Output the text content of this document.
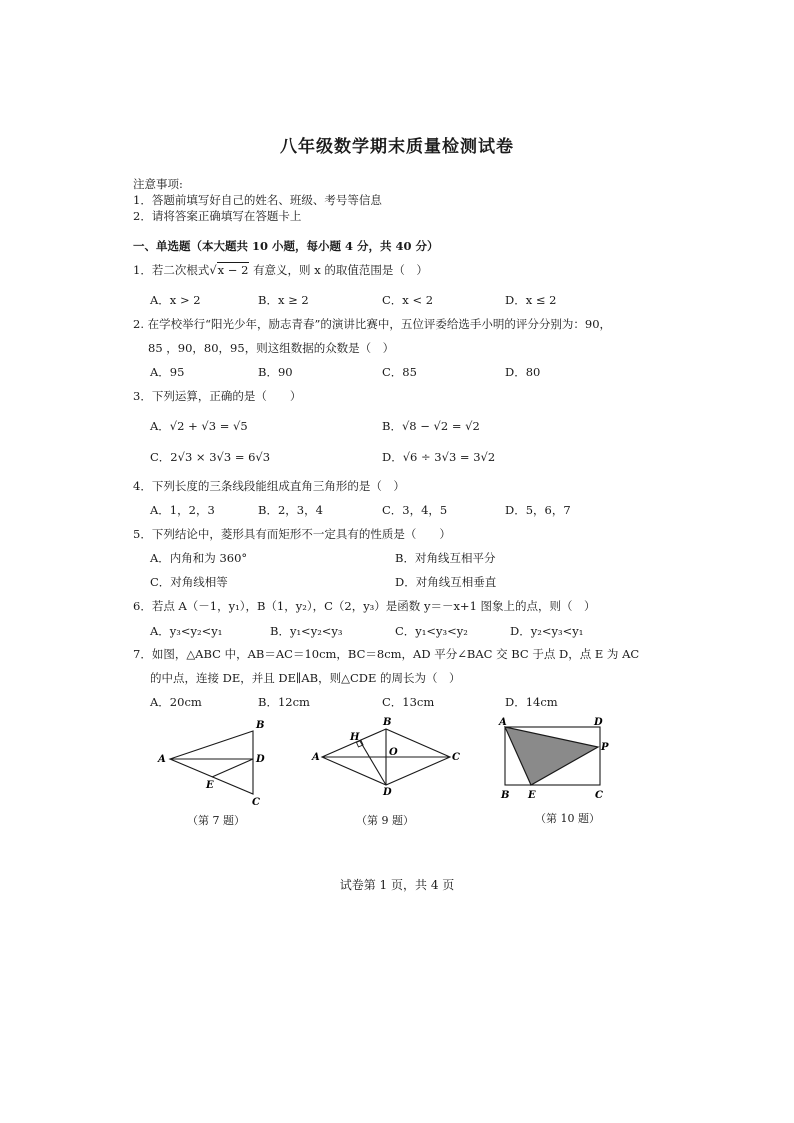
八年级数学期末质量检测试卷
注意事项:
1．答题前填写好自己的姓名、班级、考号等信息
2．请将答案正确填写在答题卡上
一、单选题（本大题共 10 小题，每小题 4 分，共 40 分）
1．若二次根式√x − 2 有意义，则 x 的取值范围是（　）
A．x > 2	B．x ≥ 2	C．x < 2	D．x ≤ 2
2. 在学校举行“阳光少年，励志青春”的演讲比赛中，五位评委给选手小明的评分分别为：90，
85 ，90，80，95，则这组数据的众数是（　）
A．95	B．90	C．85	D．80
3．下列运算，正确的是（　　）
A．√2 + √3 = √5	B．√8 − √2 = √2
C．2√3 × 3√3 = 6√3	D．√6 ÷ 3√3 = 3√2
4．下列长度的三条线段能组成直角三角形的是（　）
A．1，2，3	B．2，3，4	C．3，4，5	D．5，6，7
5．下列结论中，菱形具有而矩形不一定具有的性质是（　　）
A．内角和为 360°	B．对角线互相平分
C．对角线相等	D．对角线互相垂直
6．若点 A（－1，y₁），B（1，y₂），C（2，y₃）是函数 y＝－x+1 图象上的点，则（　）
A．y₃<y₂<y₁	B．y₁<y₂<y₃	C．y₁<y₃<y₂	D．y₂<y₃<y₁
7．如图，△ABC 中，AB＝AC＝10cm，BC＝8cm，AD 平分∠BAC 交 BC 于点 D，点 E 为 AC
的中点，连接 DE，并且 DE∥AB，则△CDE 的周长为（　）
A．20cm	B．12cm	C．13cm	D．14cm
A
B
D
E
C
（第 7 题）
A
B
H
O	C
D
（第 9 题）
A	D
P
B E	C
（第 10 题）
试卷第 1 页，共 4 页
